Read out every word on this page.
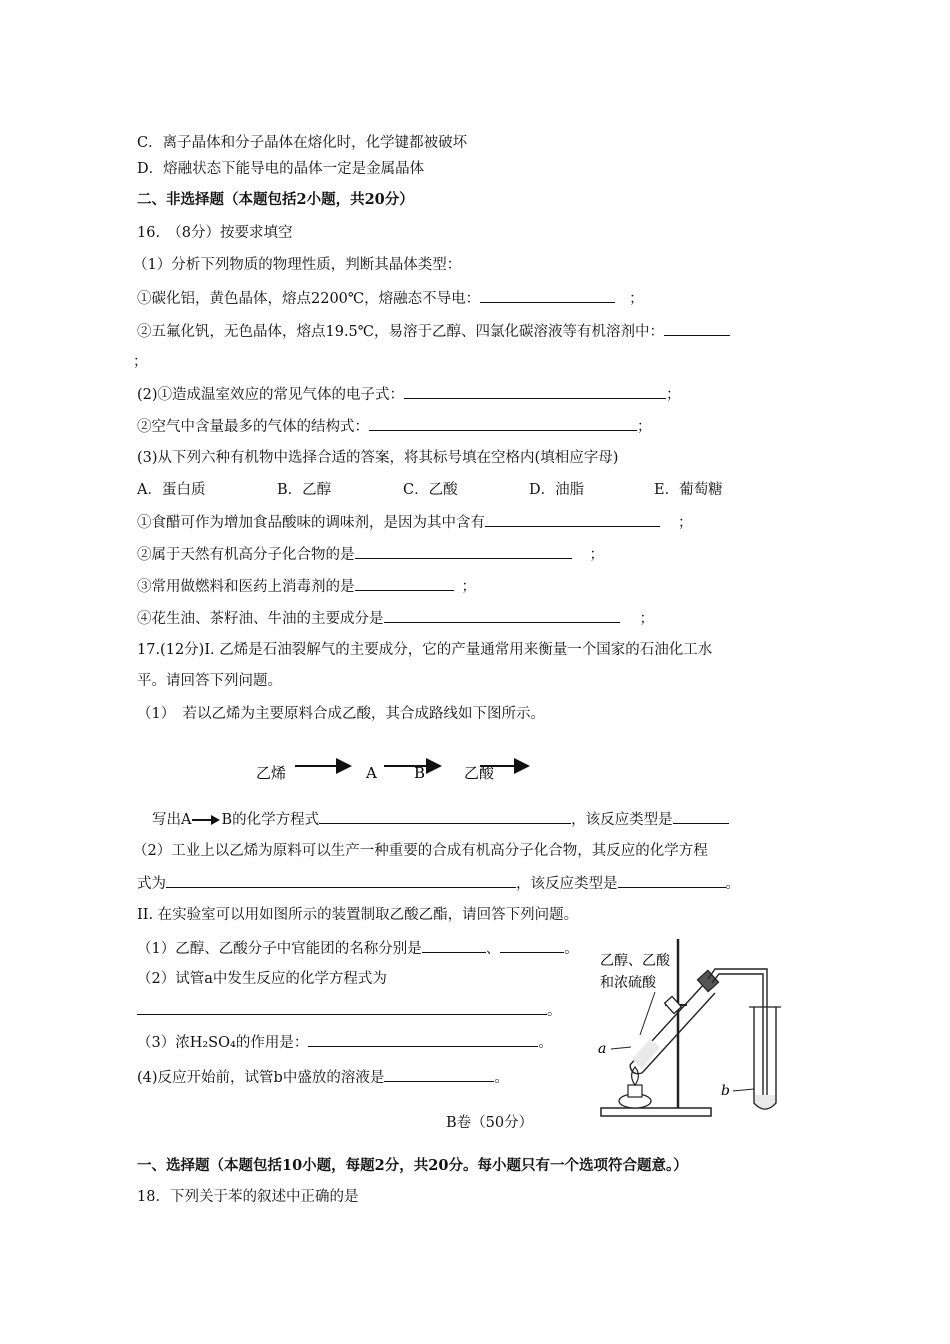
C．离子晶体和分子晶体在熔化时，化学键都被破坏
D．熔融状态下能导电的晶体一定是金属晶体
二、非选择题（本题包括2小题，共20分）
16.　（8分）按要求填空
（1）分析下列物质的物理性质，判断其晶体类型：
①碳化铝，黄色晶体，熔点2200℃，熔融态不导电：	；
②五氟化钒，无色晶体，熔点19.5℃，易溶于乙醇、四氯化碳溶液等有机溶剂中：
；
(2)①造成温室效应的常见气体的电子式：	；
②空气中含量最多的气体的结构式：	；
(3)从下列六种有机物中选择合适的答案，将其标号填在空格内(填相应字母)
A．蛋白质	B．乙醇	C．乙酸	D．油脂	E．葡萄糖
①食醋可作为增加食品酸味的调味剂，是因为其中含有	；
②属于天然有机高分子化合物的是	；
③常用做燃料和医药上消毒剂的是	；
④花生油、茶籽油、牛油的主要成分是	；
17.(12分)I. 乙烯是石油裂解气的主要成分，它的产量通常用来衡量一个国家的石油化工水
平。请回答下列问题。
（1）　若以乙烯为主要原料合成乙酸，其合成路线如下图所示。
乙烯	A B	乙酸
写出A B的化学方程式	，该反应类型是
（2）工业上以乙烯为原料可以生产一种重要的合成有机高分子化合物，其反应的化学方程
式为	，该反应类型是	。
II. 在实验室可以用如图所示的装置制取乙酸乙酯，请回答下列问题。
（1）乙醇、乙酸分子中官能团的名称分别是	、	。
（2）试管a中发生反应的化学方程式为
。
（3）浓H₂SO₄的作用是：	。
(4)反应开始前，试管b中盛放的溶液是	。
乙醇、乙酸
和浓硫酸
a
b
B卷（50分）
一、选择题（本题包括10小题，每题2分，共20分。每小题只有一个选项符合题意。）
18．下列关于苯的叙述中正确的是
